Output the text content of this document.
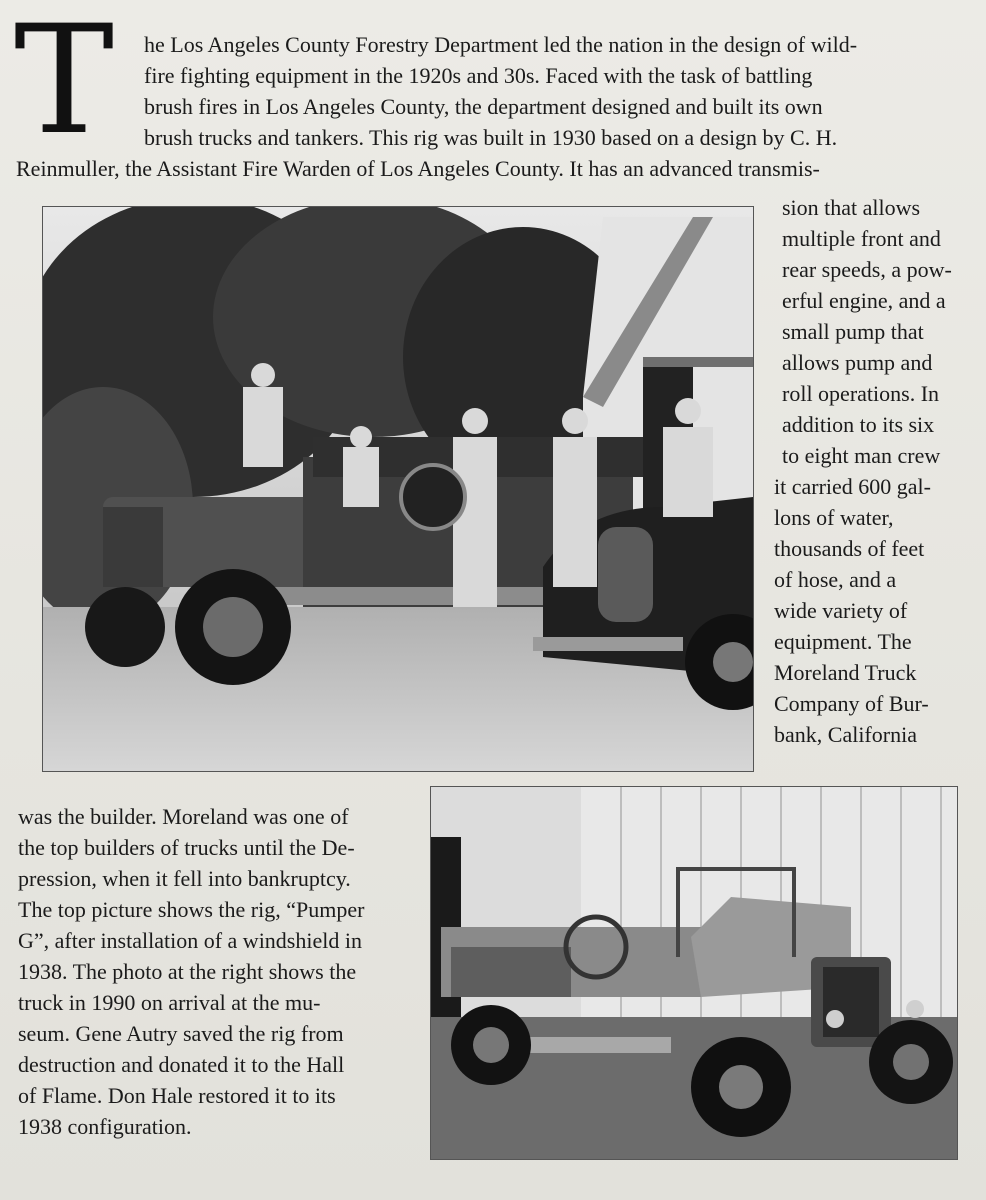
T he Los Angeles County Forestry Department led the nation in the design of wild-
fire fighting equipment in the 1920s and 30s. Faced with the task of battling
brush fires in Los Angeles County, the department designed and built its own
brush trucks and tankers. This rig was built in 1930 based on a design by C. H.
Reinmuller, the Assistant Fire Warden of Los Angeles County. It has an advanced transmis-
sion that allows
multiple front and
rear speeds, a pow-
erful engine, and a
small pump that
allows pump and
roll operations. In
addition to its six
to eight man crew
it carried 600 gal-
lons of water,
thousands of feet
of hose, and a
wide variety of
equipment. The
Moreland Truck
Company of Bur-
bank, California
was the builder. Moreland was one of
the top builders of trucks until the De-
pression, when it fell into bankruptcy.
The top picture shows the rig, “Pumper
G”, after installation of a windshield in
1938. The photo at the right shows the
truck in 1990 on arrival at the mu-
seum. Gene Autry saved the rig from
destruction and donated it to the Hall
of Flame. Don Hale restored it to its
1938 configuration.
